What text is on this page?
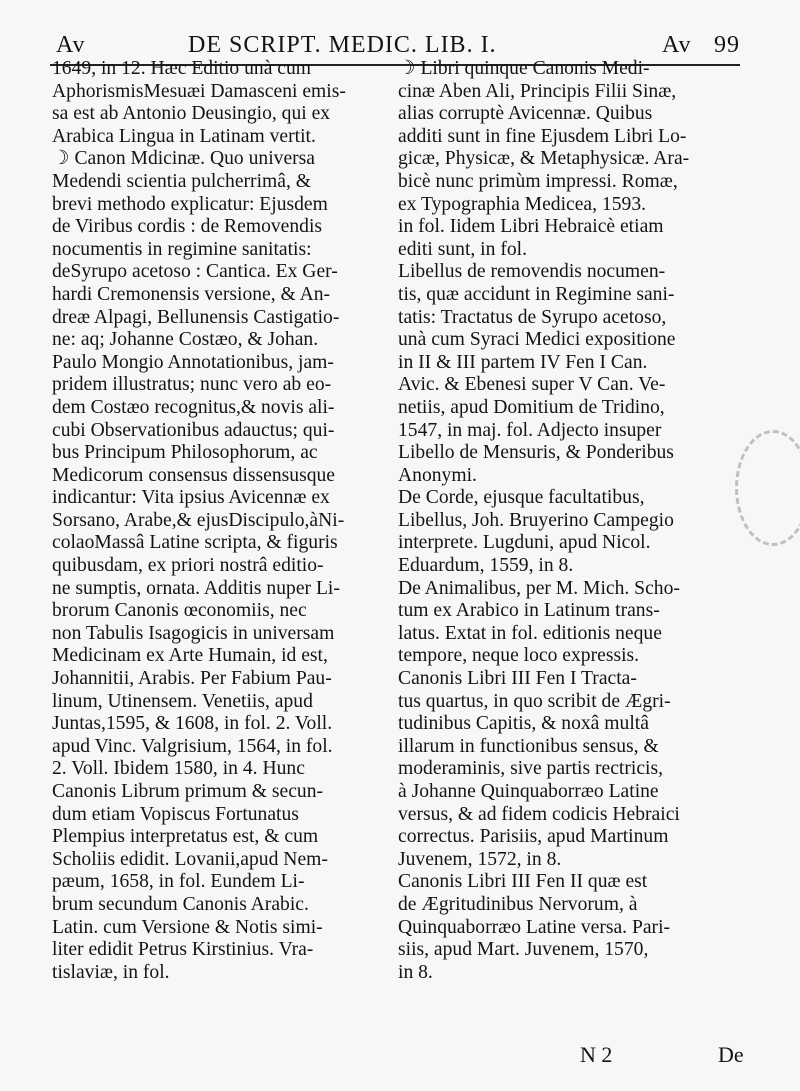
Av	DE SCRIPT. MEDIC. LIB. I.	Av 99
1649, in 12. Hæc Editio unà cum
AphorismisMesuæi Damasceni emis-
sa est ab Antonio Deusingio, qui ex
Arabica Lingua in Latinam vertit.
☽ Canon Mdicinæ. Quo universa
Medendi scientia pulcherrimâ, &
brevi methodo explicatur: Ejusdem
de Viribus cordis : de Removendis
nocumentis in regimine sanitatis:
deSyrupo acetoso : Cantica. Ex Ger-
hardi Cremonensis versione, & An-
dreæ Alpagi, Bellunensis Castigatio-
ne: aq; Johanne Costæo, & Johan.
Paulo Mongio Annotationibus, jam-
pridem illustratus; nunc vero ab eo-
dem Costæo recognitus,& novis ali-
cubi Observationibus adauctus; qui-
bus Principum Philosophorum, ac
Medicorum consensus dissensusque
indicantur: Vita ipsius Avicennæ ex
Sorsano, Arabe,& ejusDiscipulo,àNi-
colaoMassâ Latine scripta, & figuris
quibusdam, ex priori nostrâ editio-
ne sumptis, ornata. Additis nuper Li-
brorum Canonis œconomiis, nec
non Tabulis Isagogicis in universam
Medicinam ex Arte Humain, id est,
Johannitii, Arabis. Per Fabium Pau-
linum, Utinensem. Venetiis, apud
Juntas,1595, & 1608, in fol. 2. Voll.
apud Vinc. Valgrisium, 1564, in fol.
2. Voll. Ibidem 1580, in 4. Hunc
Canonis Librum primum & secun-
dum etiam Vopiscus Fortunatus
Plempius interpretatus est, & cum
Scholiis edidit. Lovanii,apud Nem-
pæum, 1658, in fol. Eundem Li-
brum secundum Canonis Arabic.
Latin. cum Versione & Notis simi-
liter edidit Petrus Kirstinius. Vra-
tislaviæ, in fol.
☽ Libri quinque Canonis Medi-
cinæ Aben Ali, Principis Filii Sinæ,
alias corruptè Avicennæ. Quibus
additi sunt in fine Ejusdem Libri Lo-
gicæ, Physicæ, & Metaphysicæ. Ara-
bicè nunc primùm impressi. Romæ,
ex Typographia Medicea, 1593.
in fol. Iidem Libri Hebraicè etiam
editi sunt, in fol.
Libellus de removendis nocumen-
tis, quæ accidunt in Regimine sani-
tatis: Tractatus de Syrupo acetoso,
unà cum Syraci Medici expositione
in II & III partem IV Fen I Can.
Avic. & Ebenesi super V Can. Ve-
netiis, apud Domitium de Tridino,
1547, in maj. fol. Adjecto insuper
Libello de Mensuris, & Ponderibus
Anonymi.
De Corde, ejusque facultatibus,
Libellus, Joh. Bruyerino Campegio
interprete. Lugduni, apud Nicol.
Eduardum, 1559, in 8.
De Animalibus, per M. Mich. Scho-
tum ex Arabico in Latinum trans-
latus. Extat in fol. editionis neque
tempore, neque loco expressis.
Canonis Libri III Fen I Tracta-
tus quartus, in quo scribit de Ægri-
tudinibus Capitis, & noxâ multâ
illarum in functionibus sensus, &
moderaminis, sive partis rectricis,
à Johanne Quinquaborræo Latine
versus, & ad fidem codicis Hebraici
correctus. Parisiis, apud Martinum
Juvenem, 1572, in 8.
Canonis Libri III Fen II quæ est
de Ægritudinibus Nervorum, à
Quinquaborræo Latine versa. Pari-
siis, apud Mart. Juvenem, 1570,
in 8.
N 2	De
